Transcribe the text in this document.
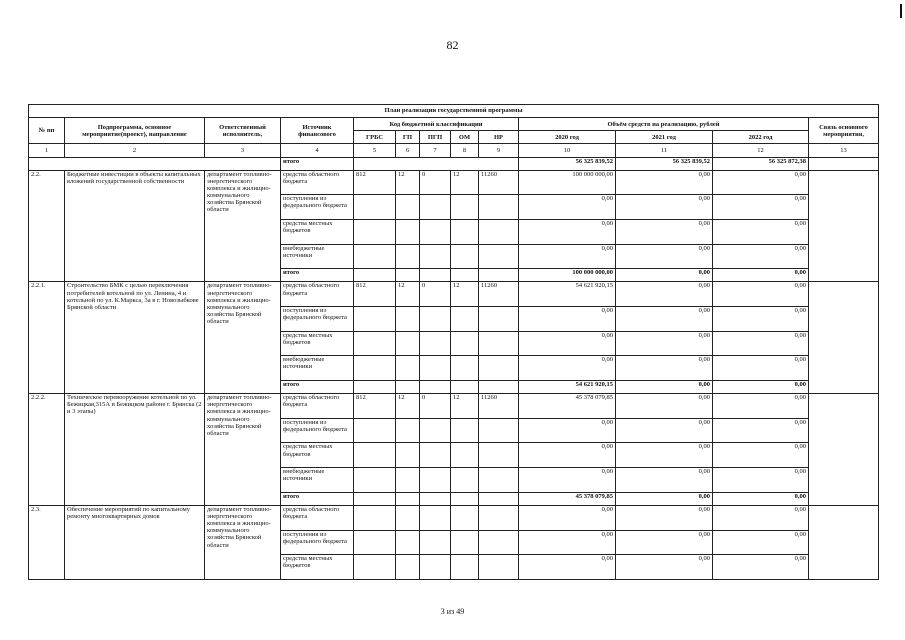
82
План реализации государственной программы												
№ пп	Подпрограмма, основное мероприятие(проект), направление	Ответственный исполнитель,	Источник финансового	Код бюджетной классификации					Объём средств на реализацию, рублей			Связь основного мероприятия,
				ГРБС	ГП	ПГП	ОМ	НР	2020 год	2021 год	2022 год	
1	2	3	4	5	6	7	8	9	10	11	12	13
			итого						56 325 839,52	56 325 839,52	56 325 872,38	
2.2.	Бюджетные инвестиции в объекты капитальных вложений государственной собственности	департамент топливно-энергетического комплекса и жилищно-коммунального хозяйства Брянской области	средства областного бюджета	812	12	0	12	11260	100 000 000,00	0,00	0,00	
			поступления из федерального бюджета						0,00	0,00	0,00	
			средства местных бюджетов						0,00	0,00	0,00	
			внебюджетные источники						0,00	0,00	0,00	
			итого						100 000 000,00	0,00	0,00	
2.2.1.	Строительство БМК с целью переключения потребителей котельной по ул. Ленина, 4 и котельной по ул. К.Маркса, 3а в г. Новозыбкове Брянской области	департамент топливно-энергетического комплекса и жилищно-коммунального хозяйства Брянской области	средства областного бюджета	812	12	0	12	11260	54 621 920,15	0,00	0,00	
			поступления из федерального бюджета						0,00	0,00	0,00	
			средства местных бюджетов						0,00	0,00	0,00	
			внебюджетные источники						0,00	0,00	0,00	
			итого						54 621 920,15	0,00	0,00	
2.2.2.	Техническое перевооружение котельной по ул. Бежицкая,315А в Бежицком районе г. Брянска (2 и 3 этапы)	департамент топливно-энергетического комплекса и жилищно-коммунального хозяйства Брянской области	средства областного бюджета	812	12	0	12	11260	45 378 079,85	0,00	0,00	
			поступления из федерального бюджета						0,00	0,00	0,00	
			средства местных бюджетов						0,00	0,00	0,00	
			внебюджетные источники						0,00	0,00	0,00	
			итого						45 378 079,85	0,00	0,00	
2.3.	Обеспечение мероприятий по капитальному ремонту многоквартирных домов	департамент топливно-энергетического комплекса и жилищно-коммунального хозяйства Брянской области	средства областного бюджета						0,00	0,00	0,00	
			поступления из федерального бюджета						0,00	0,00	0,00	
			средства местных бюджетов						0,00	0,00	0,00	
3 из 49
